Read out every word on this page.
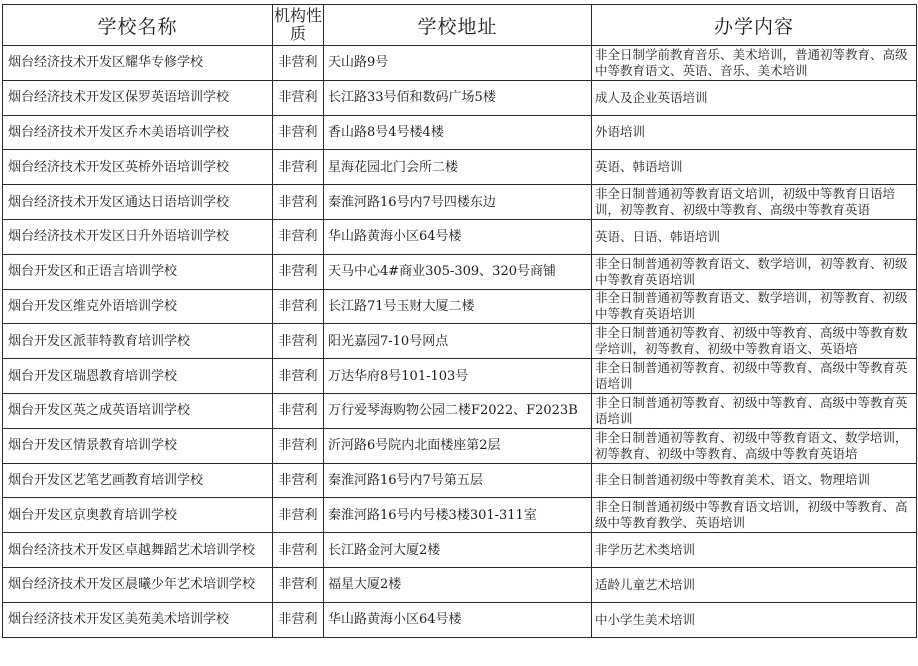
学校名称	机构性质	学校地址	办学内容
烟台经济技术开发区耀华专修学校	非营利	天山路9号	非全日制学前教育音乐、美术培训，普通初等教育、高级中等教育语文、英语、音乐、美术培训

烟台经济技术开发区保罗英语培训学校	非营利	长江路33号佰和数码广场5楼	成人及企业英语培训

烟台经济技术开发区乔木美语培训学校	非营利	香山路8号4号楼4楼	外语培训

烟台经济技术开发区英桥外语培训学校	非营利	星海花园北门会所二楼	英语、韩语培训

烟台经济技术开发区通达日语培训学校	非营利	秦淮河路16号内7号四楼东边	非全日制普通初等教育语文培训，初级中等教育日语培训，初等教育、初级中等教育、高级中等教育英语

烟台经济技术开发区日升外语培训学校	非营利	华山路黄海小区64号楼	英语、日语、韩语培训

烟台开发区和正语言培训学校	非营利	天马中心4#商业305-309、320号商铺	非全日制普通初等教育语文、数学培训，初等教育、初级中等教育英语培训

烟台开发区维克外语培训学校	非营利	长江路71号玉财大厦二楼	非全日制普通初等教育语文、数学培训，初等教育、初级中等教育英语培训

烟台开发区派菲特教育培训学校	非营利	阳光嘉园7-10号网点	非全日制普通初等教育、初级中等教育、高级中等教育数学培训，初等教育、初级中等教育语文、英语培

烟台开发区瑞恩教育培训学校	非营利	万达华府8号101-103号	非全日制普通初等教育、初级中等教育、高级中等教育英语培训

烟台开发区英之成英语培训学校	非营利	万行爱琴海购物公园二楼F2022、F2023B	非全日制普通初等教育、初级中等教育、高级中等教育英语培训

烟台开发区情景教育培训学校	非营利	沂河路6号院内北面楼座第2层	非全日制普通初等教育、初级中等教育语文、数学培训，初等教育、初级中等教育、高级中等教育英语培

烟台开发区艺笔艺画教育培训学校	非营利	秦淮河路16号内7号第五层	非全日制普通初级中等教育美术、语文、物理培训

烟台开发区京奥教育培训学校	非营利	秦淮河路16号内号楼3楼301-311室	非全日制普通初级中等教育语文培训，初级中等教育、高级中等教育教学、英语培训

烟台经济技术开发区卓越舞蹈艺术培训学校	非营利	长江路金河大厦2楼	非学历艺术类培训

烟台经济技术开发区晨曦少年艺术培训学校	非营利	福星大厦2楼	适龄儿童艺术培训

烟台经济技术开发区美苑美术培训学校	非营利	华山路黄海小区64号楼	中小学生美术培训
